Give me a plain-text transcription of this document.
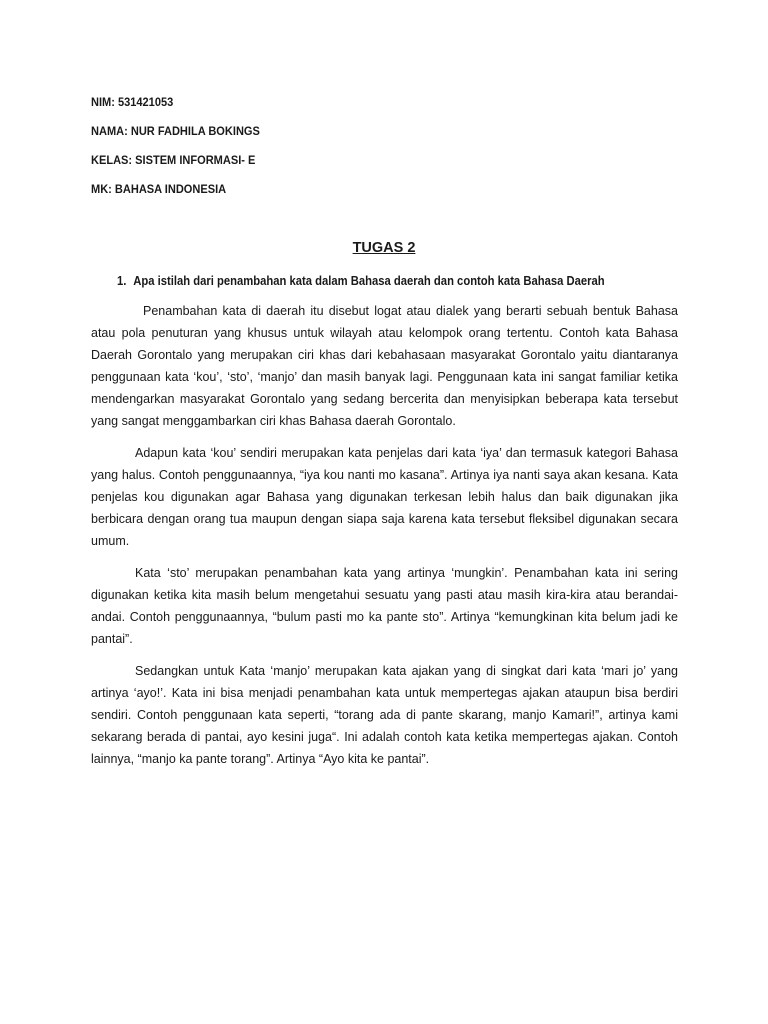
NIM: 531421053
NAMA: NUR FADHILA BOKINGS
KELAS: SISTEM INFORMASI- E
MK: BAHASA INDONESIA
TUGAS 2
1. Apa istilah dari penambahan kata dalam Bahasa daerah dan contoh kata Bahasa Daerah

Penambahan kata di daerah itu disebut logat atau dialek yang berarti sebuah bentuk Bahasa atau pola penuturan yang khusus untuk wilayah atau kelompok orang tertentu. Contoh kata Bahasa Daerah Gorontalo yang merupakan ciri khas dari kebahasaan masyarakat Gorontalo yaitu diantaranya penggunaan kata ‘kou’, ‘sto’, ‘manjo’ dan masih banyak lagi. Penggunaan kata ini sangat familiar ketika mendengarkan masyarakat Gorontalo yang sedang bercerita dan menyisipkan beberapa kata tersebut yang sangat menggambarkan ciri khas Bahasa daerah Gorontalo.

Adapun kata ‘kou’ sendiri merupakan kata penjelas dari kata ‘iya’ dan termasuk kategori Bahasa yang halus. Contoh penggunaannya, “iya kou nanti mo kasana”. Artinya iya nanti saya akan kesana. Kata penjelas kou digunakan agar Bahasa yang digunakan terkesan lebih halus dan baik digunakan jika berbicara dengan orang tua maupun dengan siapa saja karena kata tersebut fleksibel digunakan secara umum.

Kata ‘sto’ merupakan penambahan kata yang artinya ‘mungkin’. Penambahan kata ini sering digunakan ketika kita masih belum mengetahui sesuatu yang pasti atau masih kira-kira atau berandai-andai. Contoh penggunaannya, “bulum pasti mo ka pante sto”. Artinya “kemungkinan kita belum jadi ke pantai”.

Sedangkan untuk Kata ‘manjo’ merupakan kata ajakan yang di singkat dari kata ‘mari jo’ yang artinya ‘ayo!’. Kata ini bisa menjadi penambahan kata untuk mempertegas ajakan ataupun bisa berdiri sendiri. Contoh penggunaan kata seperti, “torang ada di pante skarang, manjo Kamari!”, artinya kami sekarang berada di pantai, ayo kesini juga“. Ini adalah contoh kata ketika mempertegas ajakan. Contoh lainnya, “manjo ka pante torang”. Artinya “Ayo kita ke pantai”.
